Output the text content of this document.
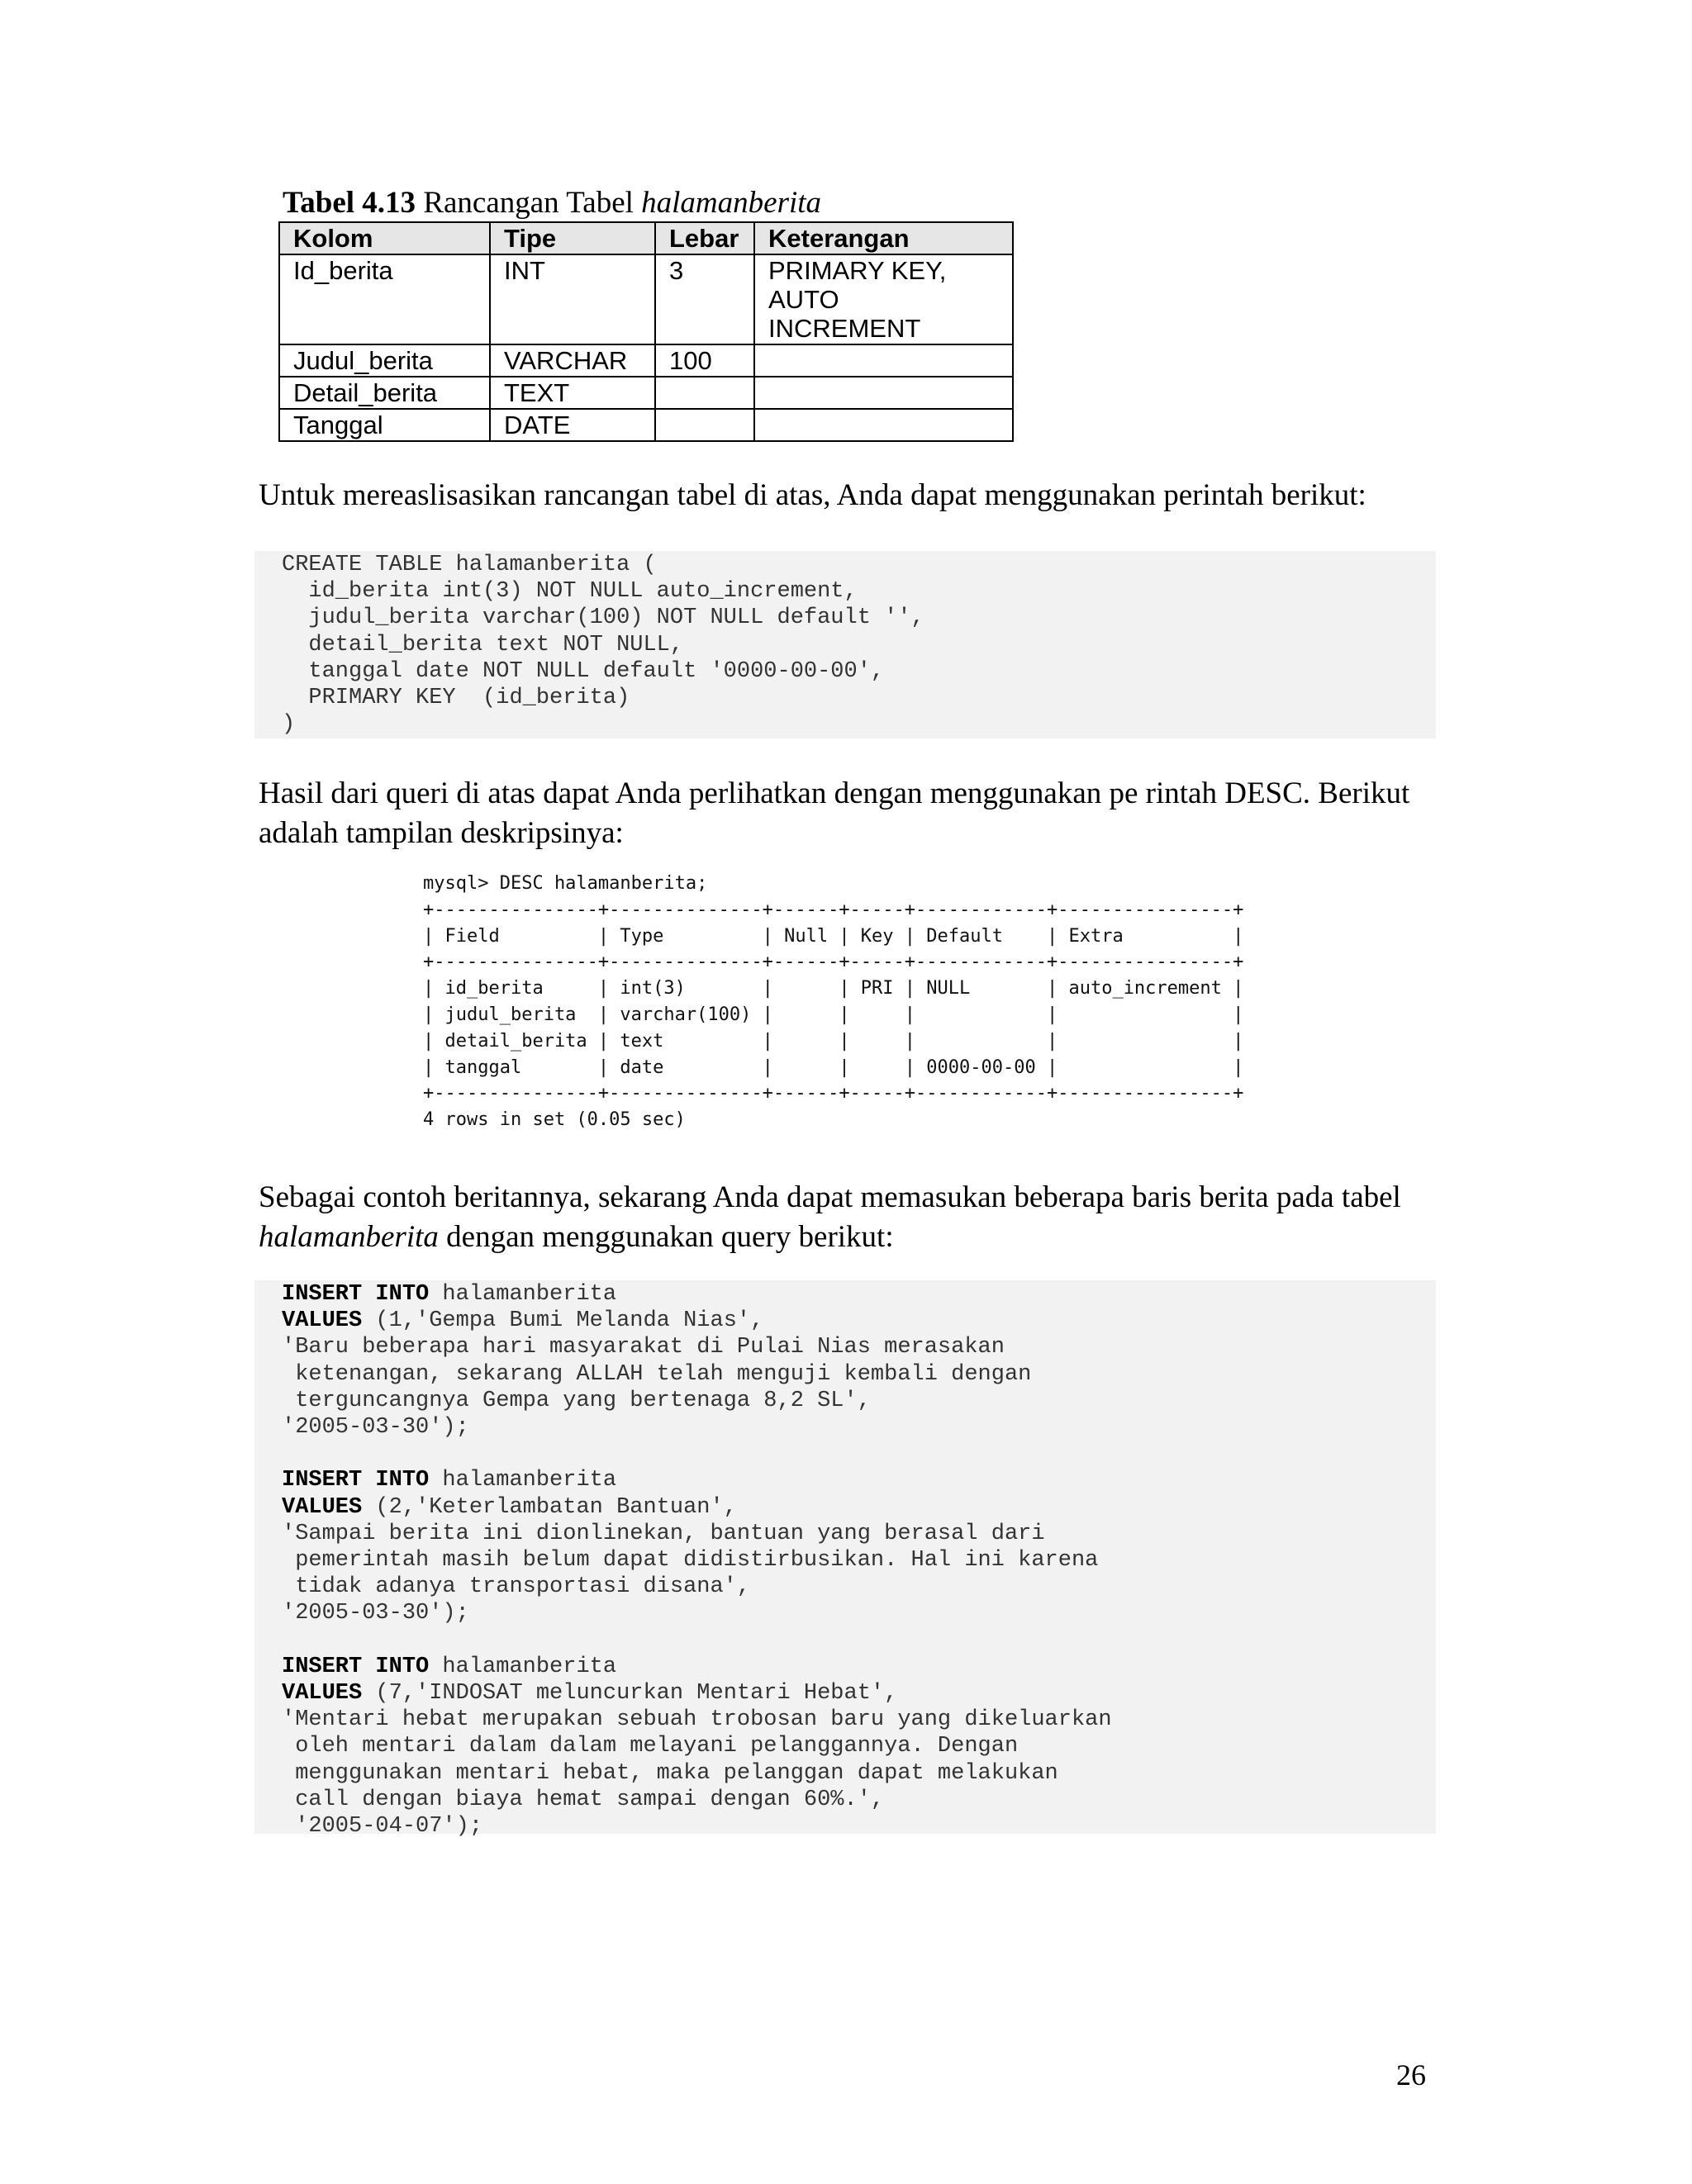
Tabel 4.13 Rancangan Tabel halamanberita
Kolom	Tipe	Lebar	Keterangan
Id_berita	INT	3	PRIMARY KEY,
AUTO
INCREMENT
Judul_berita	VARCHAR	100	
Detail_berita	TEXT		
Tanggal	DATE		
Untuk mereaslisasikan rancangan tabel di atas, Anda dapat menggunakan perintah berikut:
CREATE TABLE halamanberita (
id_berita int(3) NOT NULL auto_increment,
judul_berita varchar(100) NOT NULL default '',
detail_berita text NOT NULL,
tanggal date NOT NULL default '0000-00-00',
PRIMARY KEY  (id_berita)
)
Hasil dari queri di atas dapat Anda perlihatkan dengan menggunakan pe rintah DESC. Berikut adalah tampilan deskripsinya:
mysql> DESC halamanberita;
+---------------+--------------+------+-----+------------+----------------+
| Field         | Type         | Null | Key | Default    | Extra          |
+---------------+--------------+------+-----+------------+----------------+
| id_berita     | int(3)       |      | PRI | NULL       | auto_increment |
| judul_berita  | varchar(100) |      |     |            |                |
| detail_berita | text         |      |     |            |                |
| tanggal       | date         |      |     | 0000-00-00 |                |
+---------------+--------------+------+-----+------------+----------------+
4 rows in set (0.05 sec)
Sebagai contoh beritannya, sekarang Anda dapat memasukan beberapa baris berita pada tabel halamanberita dengan menggunakan query berikut:
INSERT INTO halamanberita
VALUES (1,'Gempa Bumi Melanda Nias',
'Baru beberapa hari masyarakat di Pulai Nias merasakan
ketenangan, sekarang ALLAH telah menguji kembali dengan
terguncangnya Gempa yang bertenaga 8,2 SL',
'2005-03-30');

INSERT INTO halamanberita
VALUES (2,'Keterlambatan Bantuan',
'Sampai berita ini dionlinekan, bantuan yang berasal dari
pemerintah masih belum dapat didistirbusikan. Hal ini karena
tidak adanya transportasi disana',
'2005-03-30');

INSERT INTO halamanberita
VALUES (7,'INDOSAT meluncurkan Mentari Hebat',
'Mentari hebat merupakan sebuah trobosan baru yang dikeluarkan
oleh mentari dalam dalam melayani pelanggannya. Dengan
menggunakan mentari hebat, maka pelanggan dapat melakukan
call dengan biaya hemat sampai dengan 60%.',
'2005-04-07');
26
